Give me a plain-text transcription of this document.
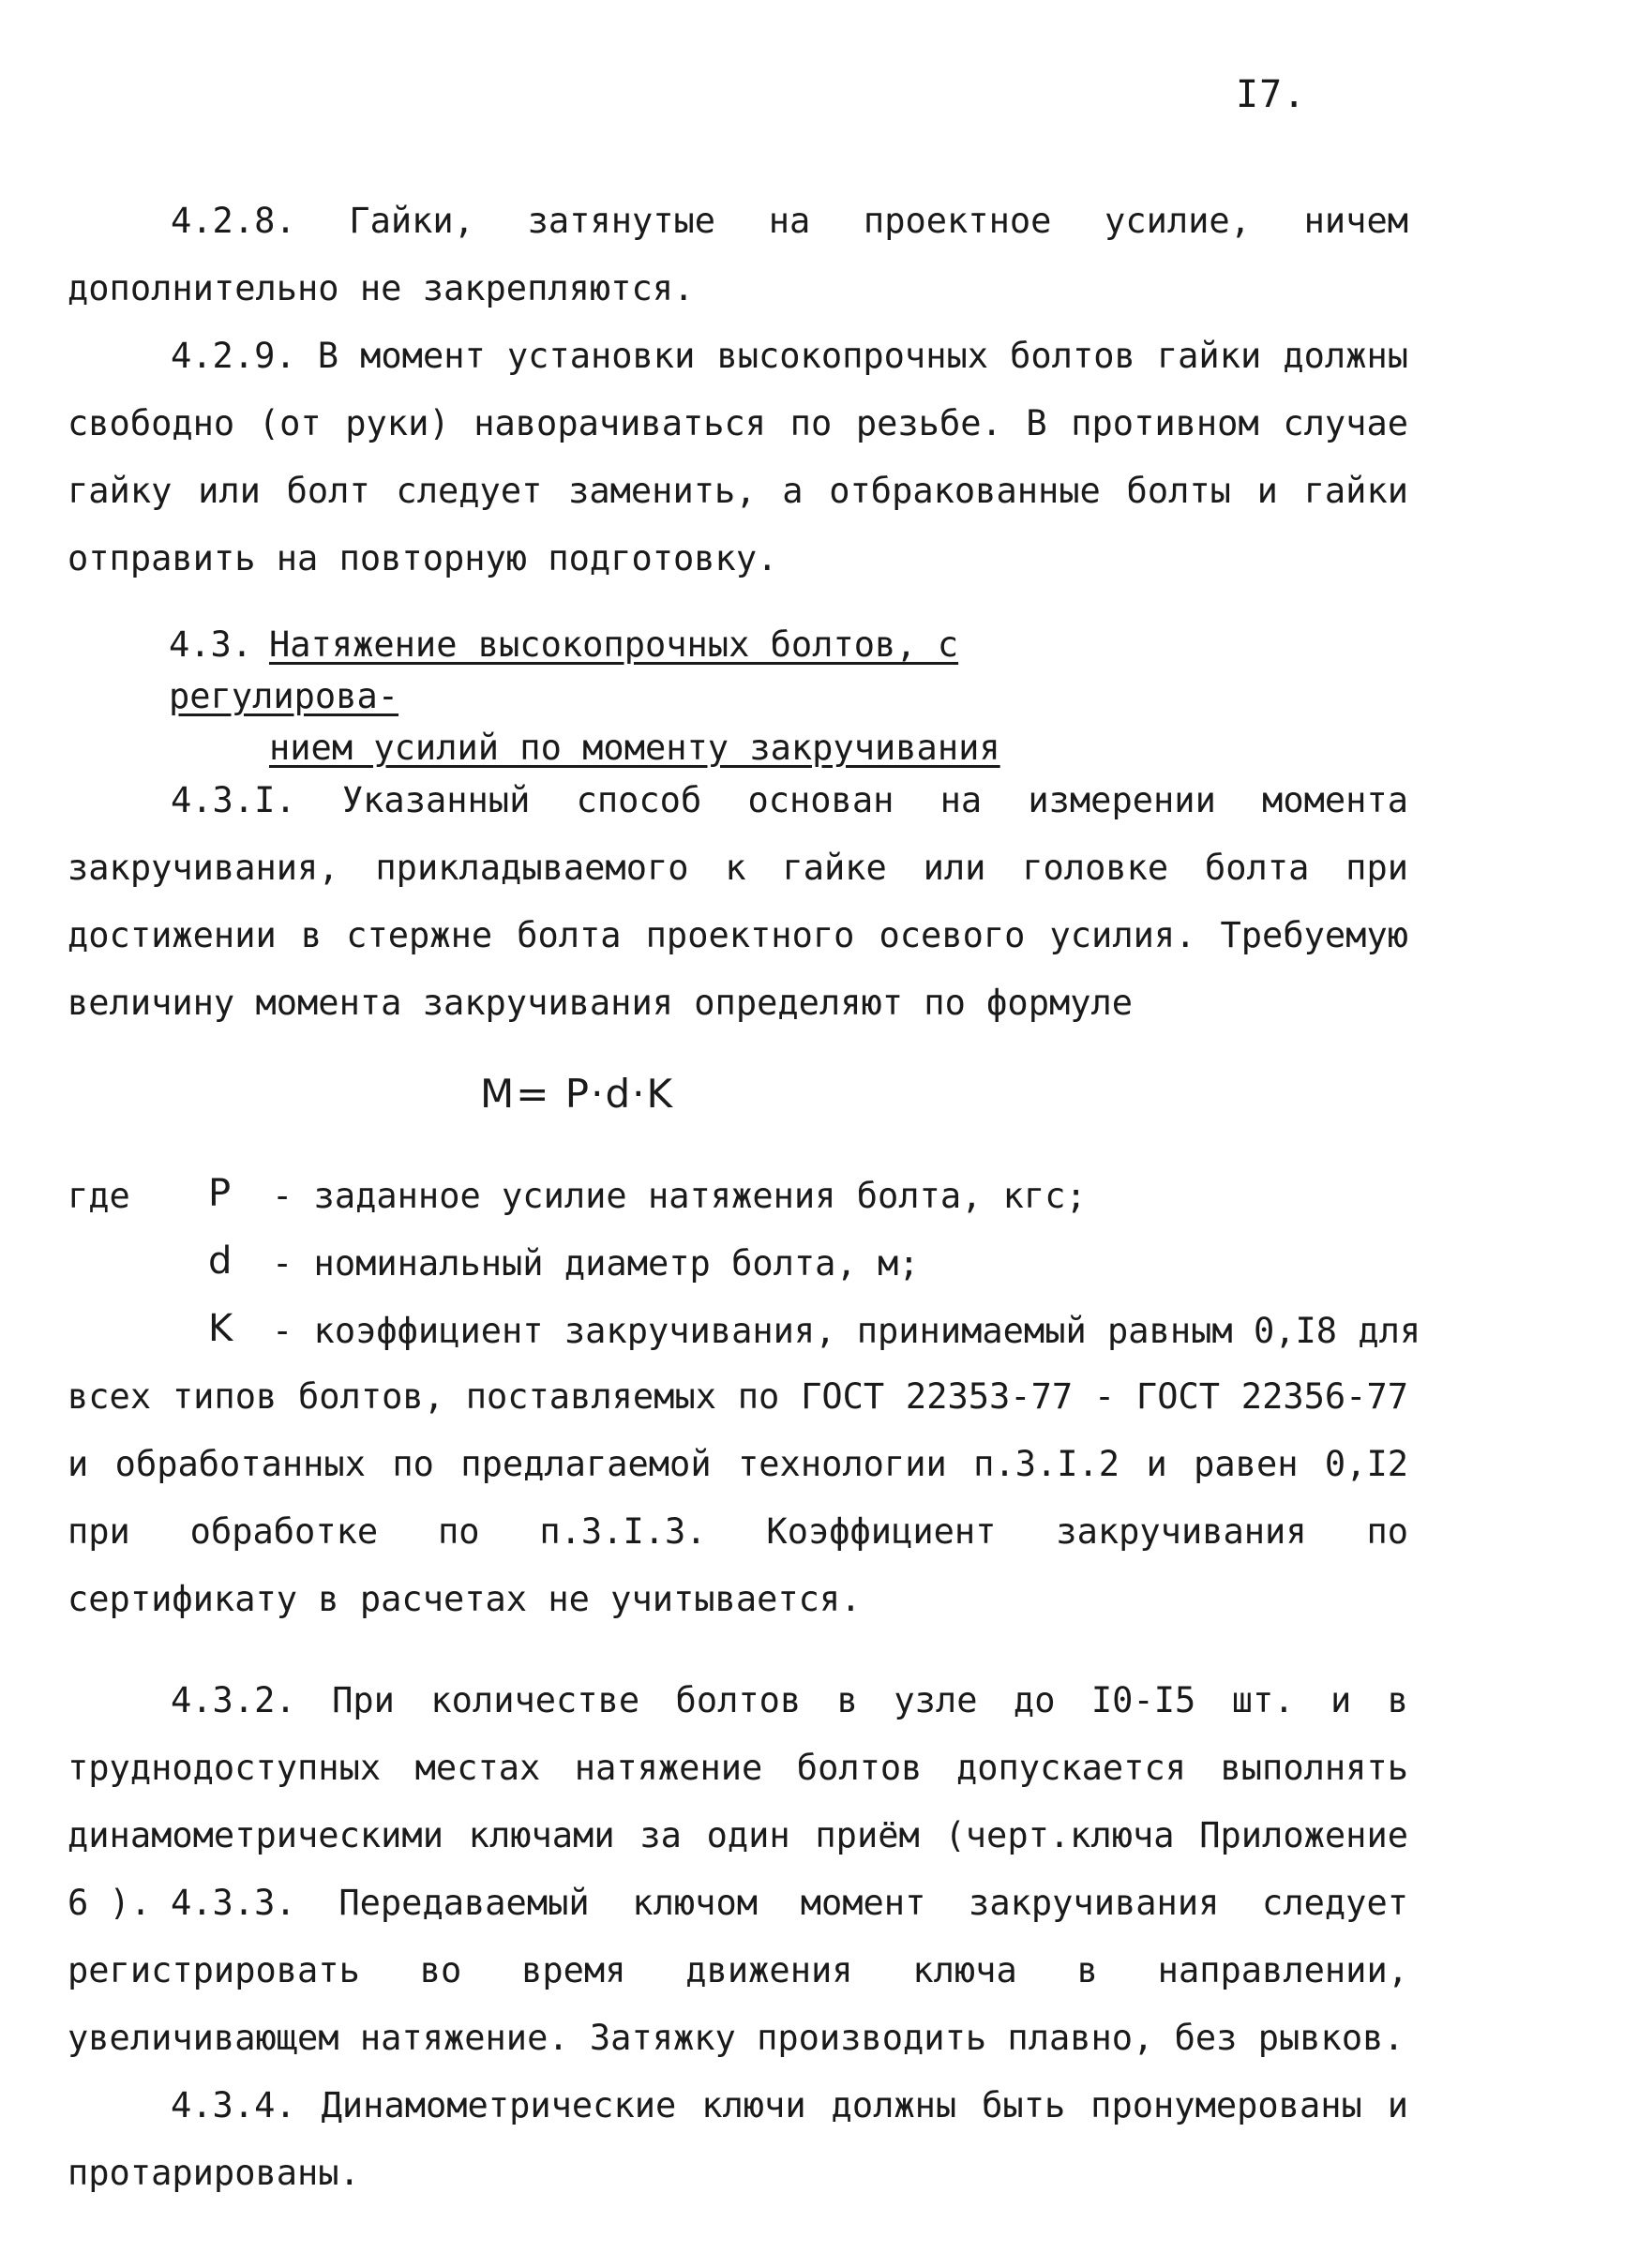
I7.

4.2.8. Гайки, затянутые на проектное усилие, ничем дополнительно не закрепляются.

4.2.9. В момент установки высокопрочных болтов гайки должны свободно (от руки) наворачиваться по резьбе. В противном случае гайку или болт следует заменить, а отбракованные болты и гайки отправить на повторную подготовку.

4.3. Натяжение высокопрочных болтов, с регулирова-
нием усилий по моменту закручивания

4.3.I. Указанный способ основан на измерении момента закручивания, прикладываемого к гайке или головке болта при достижении в стержне болта проектного осевого усилия. Требуемую величину момента закручивания определяют по формуле

M= P·d·K
где P - заданное усилие натяжения болта, кгс;
d - номинальный диаметр болта, м;
K - коэффициент закручивания, принимаемый равным 0,I8 для

всех типов болтов, поставляемых по ГОСТ 22353-77 - ГОСТ 22356-77 и обработанных по предлагаемой технологии п.3.I.2 и равен 0,I2 при обработке по п.3.I.3. Коэффициент закручивания по сертификату в расчетах не учитывается.

4.3.2. При количестве болтов в узле до I0-I5 шт. и в труднодоступных местах натяжение болтов допускается выполнять динамометрическими ключами за один приём (черт.ключа Приложение 6 ). 4.3.3. Передаваемый ключом момент закручивания следует регистрировать во время движения ключа в направлении, увеличивающем натяжение. Затяжку производить плавно, без рывков.

4.3.4. Динамометрические ключи должны быть пронумерованы и протарированы.
